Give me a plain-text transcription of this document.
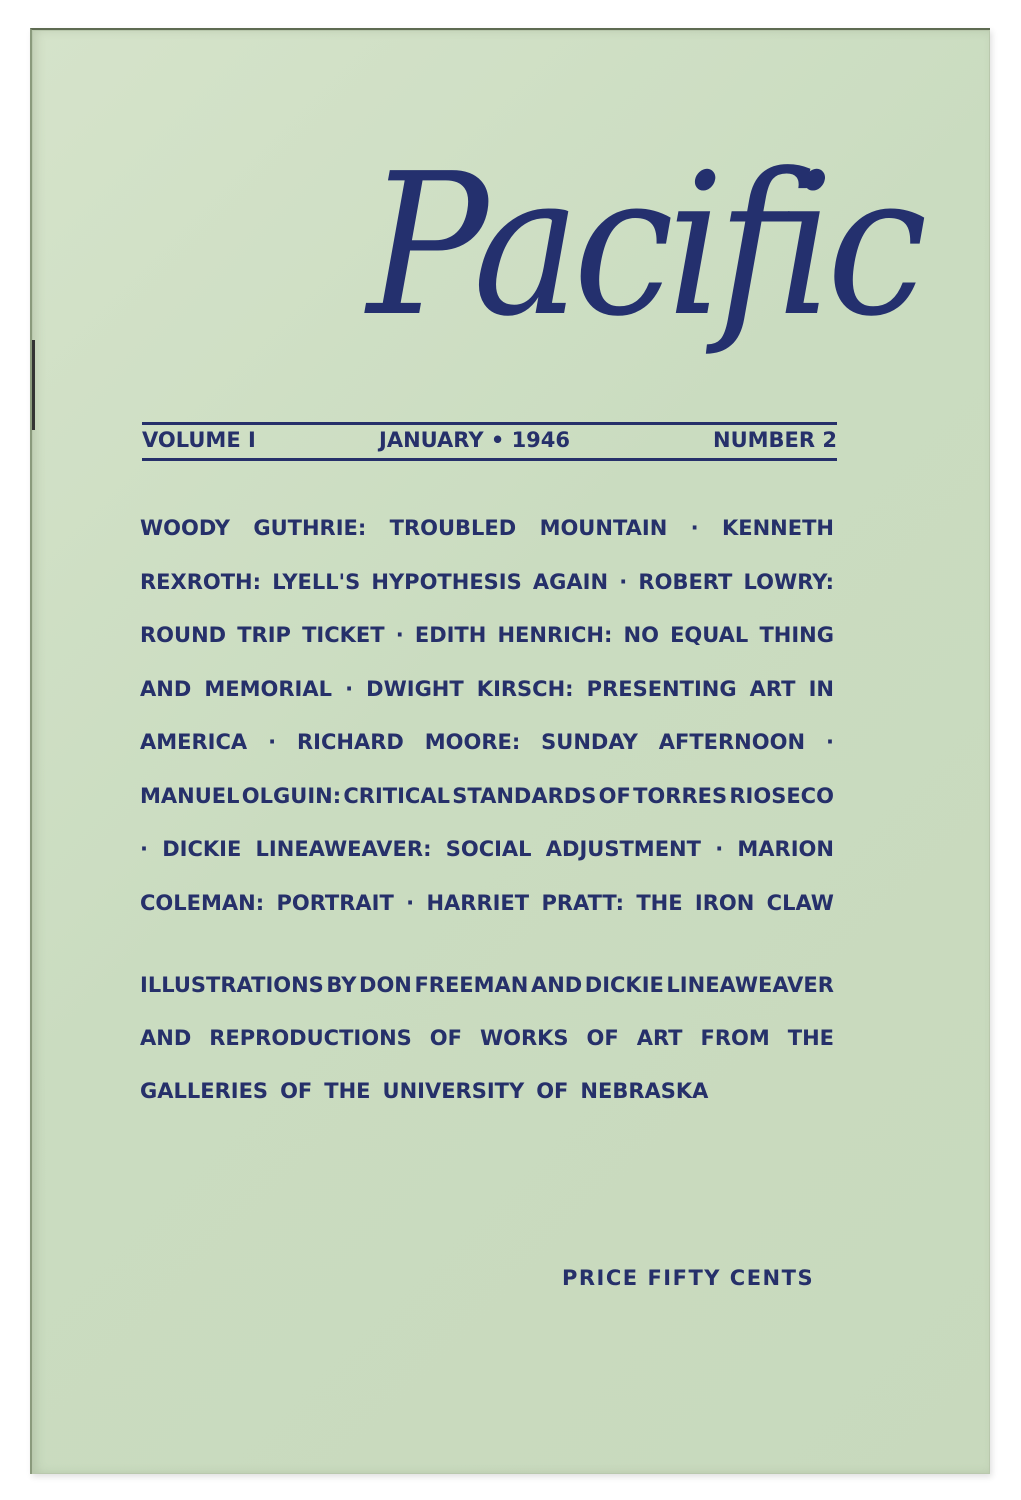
Pacific
VOLUME I	JANUARY • 1946	NUMBER 2
WOODY GUTHRIE: TROUBLED MOUNTAIN · KENNETH
REXROTH: LYELL'S HYPOTHESIS AGAIN · ROBERT LOWRY:
ROUND TRIP TICKET · EDITH HENRICH: NO EQUAL THING
AND MEMORIAL · DWIGHT KIRSCH: PRESENTING ART IN
AMERICA · RICHARD MOORE: SUNDAY AFTERNOON ·
MANUEL OLGUIN: CRITICAL STANDARDS OF TORRES RIOSECO
· DICKIE LINEAWEAVER: SOCIAL ADJUSTMENT · MARION
COLEMAN: PORTRAIT · HARRIET PRATT: THE IRON CLAW
ILLUSTRATIONS BY DON FREEMAN AND DICKIE LINEAWEAVER
AND REPRODUCTIONS OF WORKS OF ART FROM THE
GALLERIES OF THE UNIVERSITY OF NEBRASKA
PRICE FIFTY CENTS
